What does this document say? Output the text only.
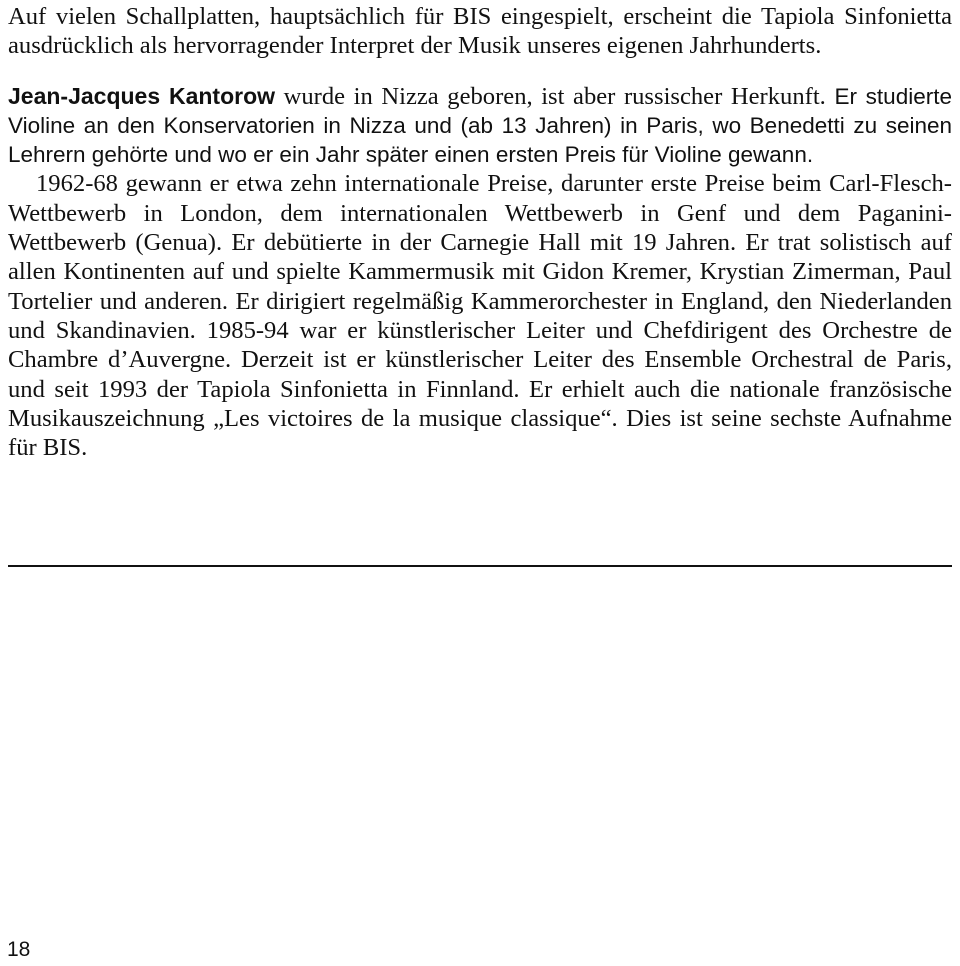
Auf vielen Schallplatten, hauptsächlich für BIS eingespielt, erscheint die Tapiola Sinfonietta ausdrücklich als hervorragender Interpret der Musik unseres eigenen Jahrhunderts.

Jean-Jacques Kantorow wurde in Nizza geboren, ist aber russischer Herkunft. Er studierte Violine an den Konservatorien in Nizza und (ab 13 Jahren) in Paris, wo Benedetti zu seinen Lehrern gehörte und wo er ein Jahr später einen ersten Preis für Violine gewann.
1962-68 gewann er etwa zehn internationale Preise, darunter erste Preise beim Carl-Flesch-Wettbewerb in London, dem internationalen Wettbewerb in Genf und dem Paganini-Wettbewerb (Genua). Er debütierte in der Carnegie Hall mit 19 Jahren. Er trat solistisch auf allen Kontinenten auf und spielte Kammermusik mit Gidon Kremer, Krystian Zimerman, Paul Tortelier und anderen. Er dirigiert regelmäßig Kammerorchester in England, den Niederlanden und Skandinavien. 1985-94 war er künstlerischer Leiter und Chefdirigent des Orchestre de Chambre d’Auvergne. Derzeit ist er künstlerischer Leiter des Ensemble Orchestral de Paris, und seit 1993 der Tapiola Sinfonietta in Finnland. Er erhielt auch die nationale französische Musikauszeichnung „Les victoires de la musique classique“. Dies ist seine sechste Aufnahme für BIS.
18
